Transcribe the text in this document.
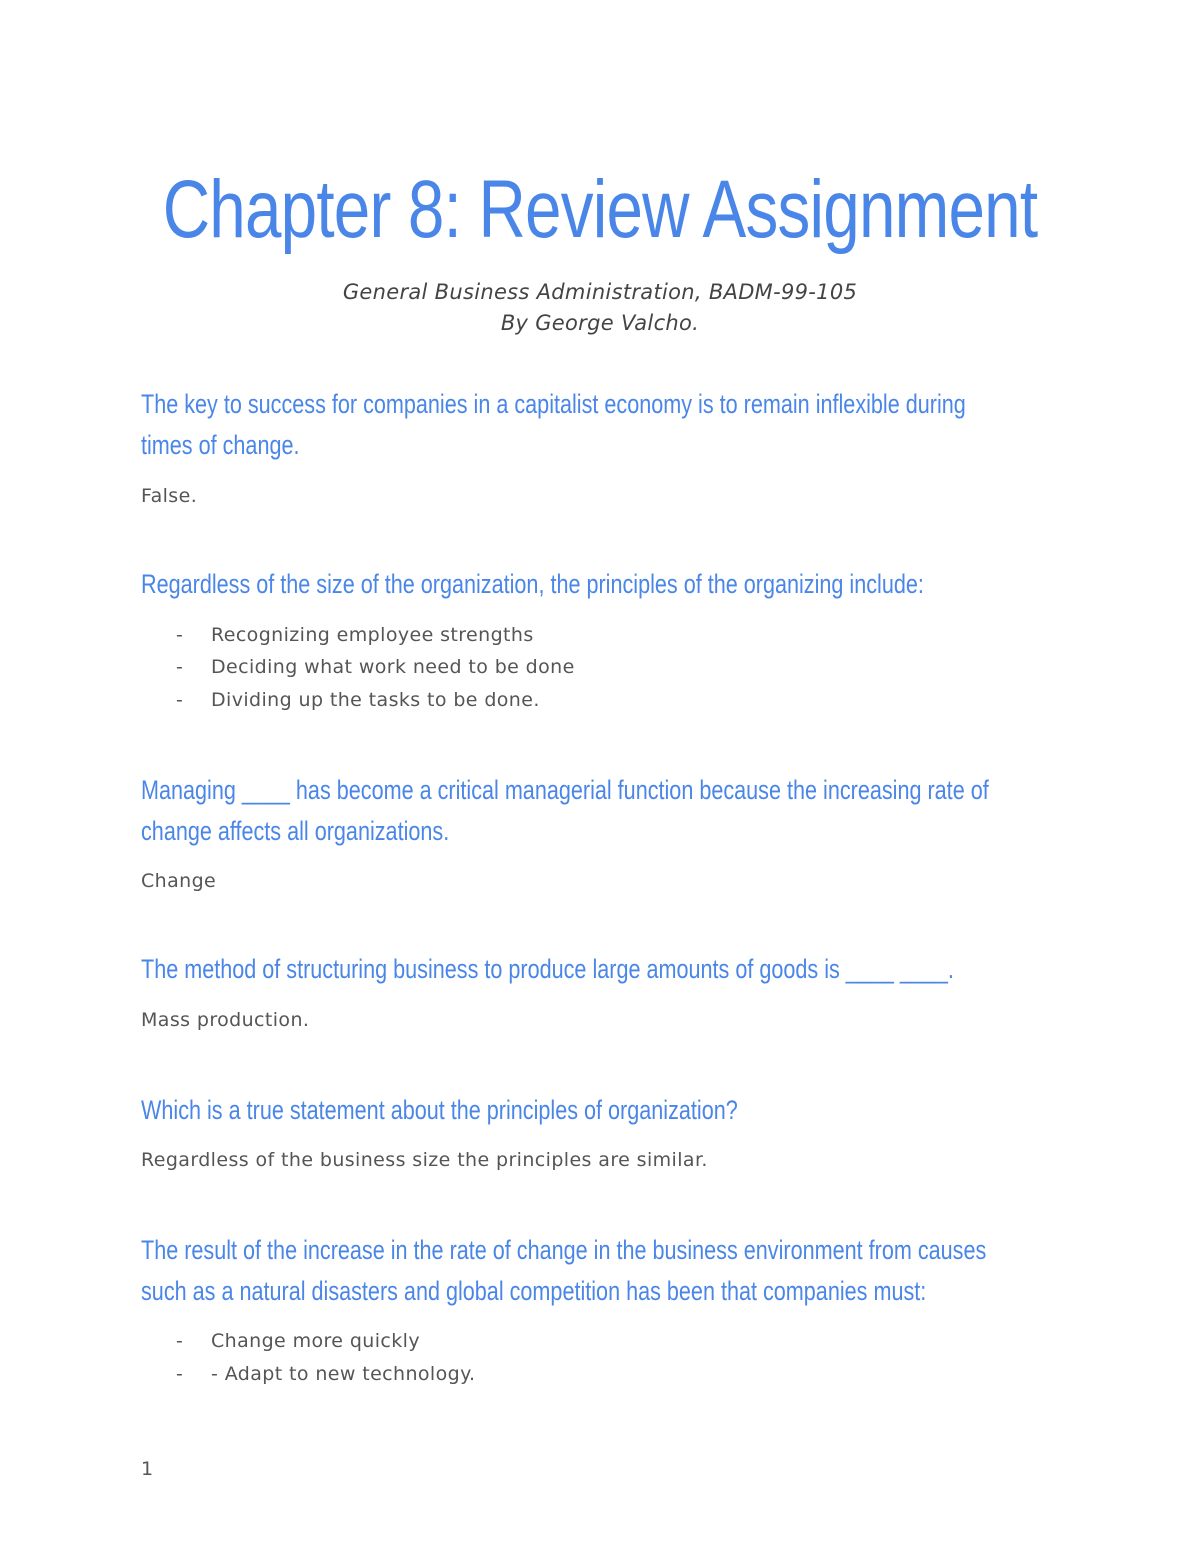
Chapter 8: Review Assignment
General Business Administration, BADM-99-105
By George Valcho.
The key to success for companies in a capitalist economy is to remain inflexible during
times of change.
False.
Regardless of the size of the organization, the principles of the organizing include:
- Recognizing employee strengths
- Deciding what work need to be done
- Dividing up the tasks to be done.
Managing ____ has become a critical managerial function because the increasing rate of
change affects all organizations.
Change
The method of structuring business to produce large amounts of goods is ____ ____.
Mass production.
Which is a true statement about the principles of organization?
Regardless of the business size the principles are similar.
The result of the increase in the rate of change in the business environment from causes
such as a natural disasters and global competition has been that companies must:
- Change more quickly
- - Adapt to new technology.
1
